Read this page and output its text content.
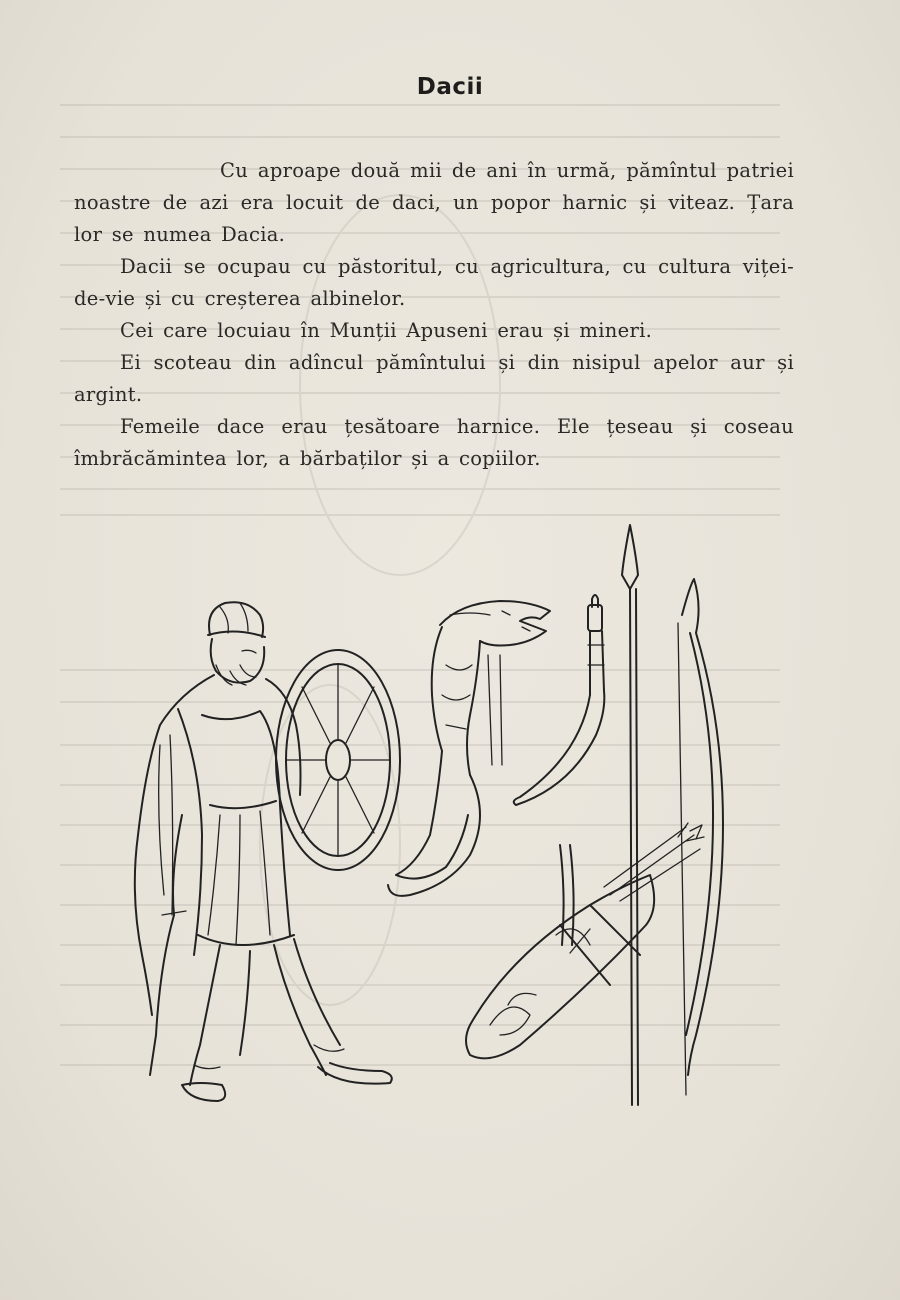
Dacii

Cu aproape două mii de ani în urmă, pămîntul patriei noastre de azi era locuit de daci, un popor harnic și viteaz. Țara lor se numea Dacia.

Dacii se ocupau cu păstoritul, cu agricultura, cu cultura viței-de-vie și cu creșterea albinelor.

Cei care locuiau în Munții Apuseni erau și mineri.

Ei scoteau din adîncul pămîntului și din nisipul apelor aur și argint.

Femeile dace erau țesătoare harnice. Ele țeseau și coseau îmbrăcămintea lor, a bărbaților și a copiilor.
